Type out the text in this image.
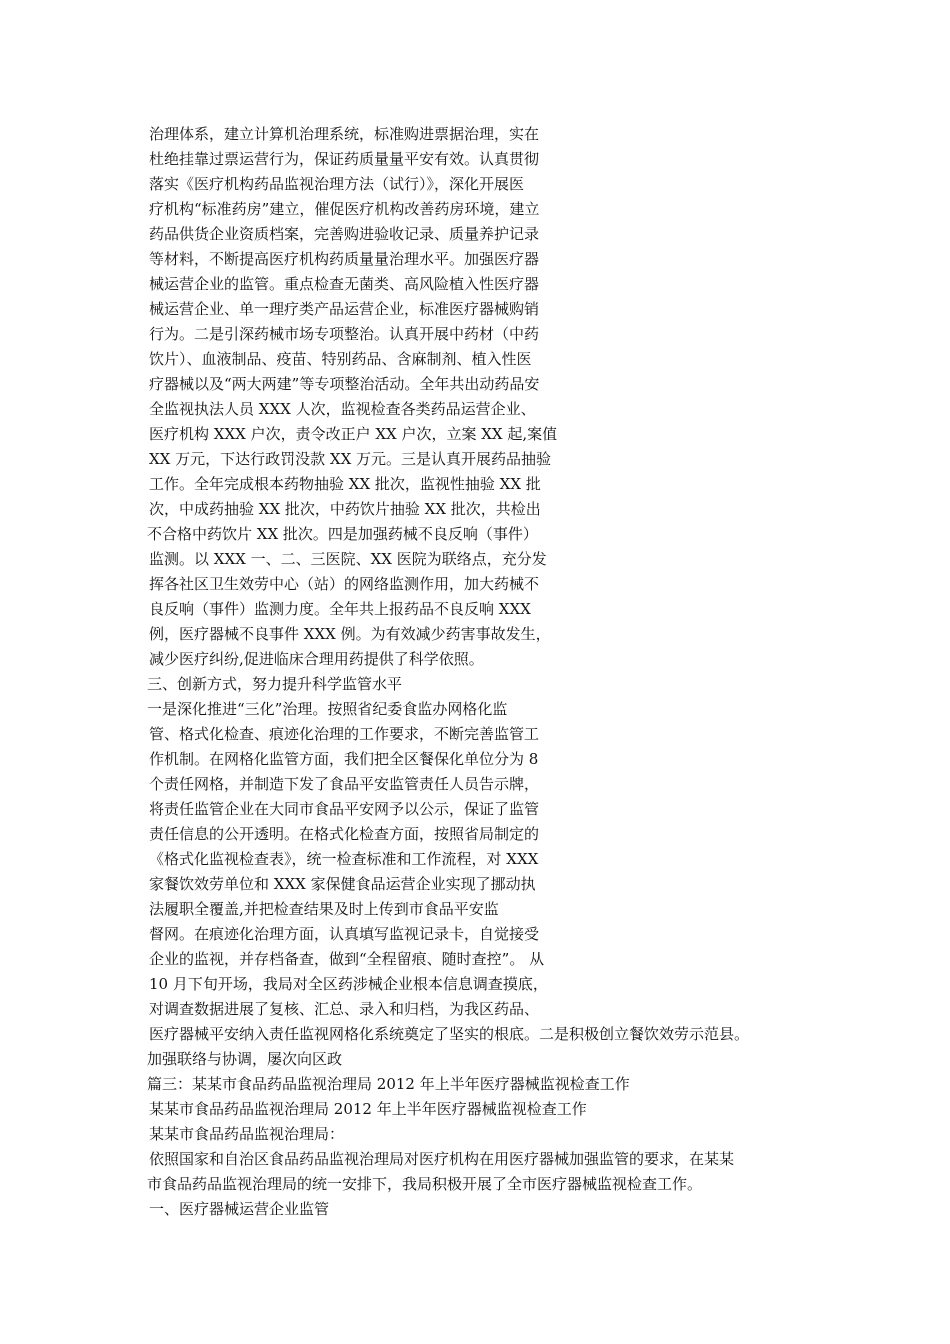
治理体系，建立计算机治理系统，标准购进票据治理，实在
杜绝挂靠过票运营行为，保证药质量量平安有效。认真贯彻
落实《医疗机构药品监视治理方法（试行）》，深化开展医
疗机构“标准药房”建立，催促医疗机构改善药房环境，建立
药品供货企业资质档案，完善购进验收记录、质量养护记录
等材料，不断提高医疗机构药质量量治理水平。加强医疗器
械运营企业的监管。重点检查无菌类、高风险植入性医疗器
械运营企业、单一理疗类产品运营企业，标准医疗器械购销
行为。二是引深药械市场专项整治。认真开展中药材（中药
饮片）、血液制品、疫苗、特别药品、含麻制剂、植入性医
疗器械以及“两大两建”等专项整治活动。全年共出动药品安
全监视执法人员 XXX 人次，监视检查各类药品运营企业、
医疗机构 XXX 户次，责令改正户 XX 户次，立案 XX 起,案值
XX 万元，下达行政罚没款 XX 万元。三是认真开展药品抽验
工作。全年完成根本药物抽验 XX 批次，监视性抽验 XX 批
次，中成药抽验 XX 批次，中药饮片抽验 XX 批次，共检出
不合格中药饮片 XX 批次。四是加强药械不良反响（事件）
监测。以 XXX 一、二、三医院、XX 医院为联络点，充分发
挥各社区卫生效劳中心（站）的网络监测作用，加大药械不
良反响（事件）监测力度。全年共上报药品不良反响 XXX
例，医疗器械不良事件 XXX 例。为有效减少药害事故发生，
减少医疗纠纷,促进临床合理用药提供了科学依照。
三、创新方式，努力提升科学监管水平
一是深化推进“三化”治理。按照省纪委食监办网格化监
管、格式化检查、痕迹化治理的工作要求，不断完善监管工
作机制。在网格化监管方面，我们把全区餐保化单位分为 8
个责任网格，并制造下发了食品平安监管责任人员告示牌，
将责任监管企业在大同市食品平安网予以公示，保证了监管
责任信息的公开透明。在格式化检查方面，按照省局制定的
《格式化监视检查表》，统一检查标准和工作流程，对 XXX
家餐饮效劳单位和 XXX 家保健食品运营企业实现了挪动执
法履职全覆盖,并把检查结果及时上传到市食品平安监
督网。在痕迹化治理方面，认真填写监视记录卡，自觉接受
企业的监视，并存档备查，做到“全程留痕、随时查控”。 从
10 月下旬开场，我局对全区药涉械企业根本信息调查摸底，
对调查数据进展了复核、汇总、录入和归档，为我区药品、
医疗器械平安纳入责任监视网格化系统奠定了坚实的根底。二是积极创立餐饮效劳示范县。
加强联络与协调，屡次向区政
篇三：某某市食品药品监视治理局 2012 年上半年医疗器械监视检查工作
某某市食品药品监视治理局 2012 年上半年医疗器械监视检查工作
某某市食品药品监视治理局：
依照国家和自治区食品药品监视治理局对医疗机构在用医疗器械加强监管的要求，在某某
市食品药品监视治理局的统一安排下，我局积极开展了全市医疗器械监视检查工作。
一、医疗器械运营企业监管
